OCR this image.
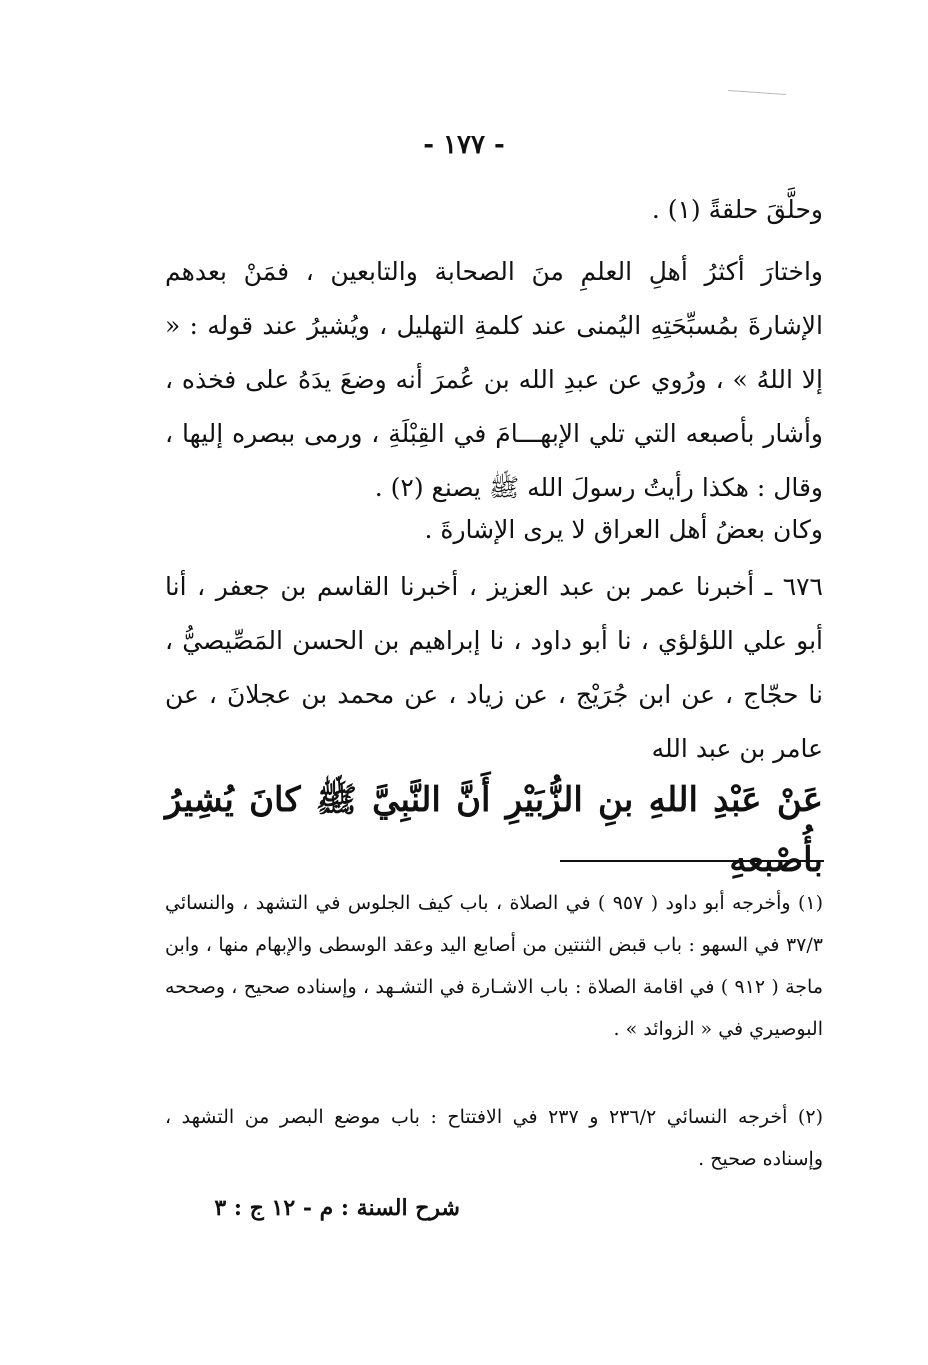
- ١٧٧ -

وحلَّقَ حلقةً (١) .

واختارَ أكثرُ أهلِ العلمِ منَ الصحابة والتابعين ، فمَنْ بعدهم الإشارةَ بمُسبِّحَتِهِ اليُمنى عند كلمةِ التهليل ، ويُشيرُ عند قوله : « إلا اللهُ » ، ورُوي عن عبدِ الله بن عُمرَ أنه وضعَ يدَهُ على فخذه ، وأشار بأصبعه التي تلي الإبهـــامَ في القِبْلَةِ ، ورمى ببصره إليها ، وقال : هكذا رأيتُ رسولَ الله ﷺ يصنع (٢) .

وكان بعضُ أهل العراق لا يرى الإشارةَ .

٦٧٦ ـ أخبرنا عمر بن عبد العزيز ، أخبرنا القاسم بن جعفر ، أنا أبو علي اللؤلؤي ، نا أبو داود ، نا إبراهيم بن الحسن المَصِّيصيُّ ، نا حجّاج ، عن ابن جُرَيْج ، عن زياد ، عن محمد بن عجلانَ ، عن عامر بن عبد الله

عَنْ عَبْدِ اللهِ بنِ الزُّبَيْرِ أَنَّ النَّبِيَّ ﷺ كانَ يُشِيرُ بأُصْبعهِ

(١) وأخرجه أبو داود ( ٩٥٧ ) في الصلاة ، باب كيف الجلوس في التشهد ، والنسائي ٣٧/٣ في السهو : باب قبض الثنتين من أصابع اليد وعقد الوسطى والإبهام منها ، وابن ماجة ( ٩١٢ ) في اقامة الصلاة : باب الاشـارة في التشـهد ، وإسناده صحيح ، وصححه البوصيري في « الزوائد » .

(٢) أخرجه النسائي ٢٣٦/٢ و ٢٣٧ في الافتتاح : باب موضع البصر من التشهد ، وإسناده صحيح .

شرح السنة : م - ١٢ ج : ٣
